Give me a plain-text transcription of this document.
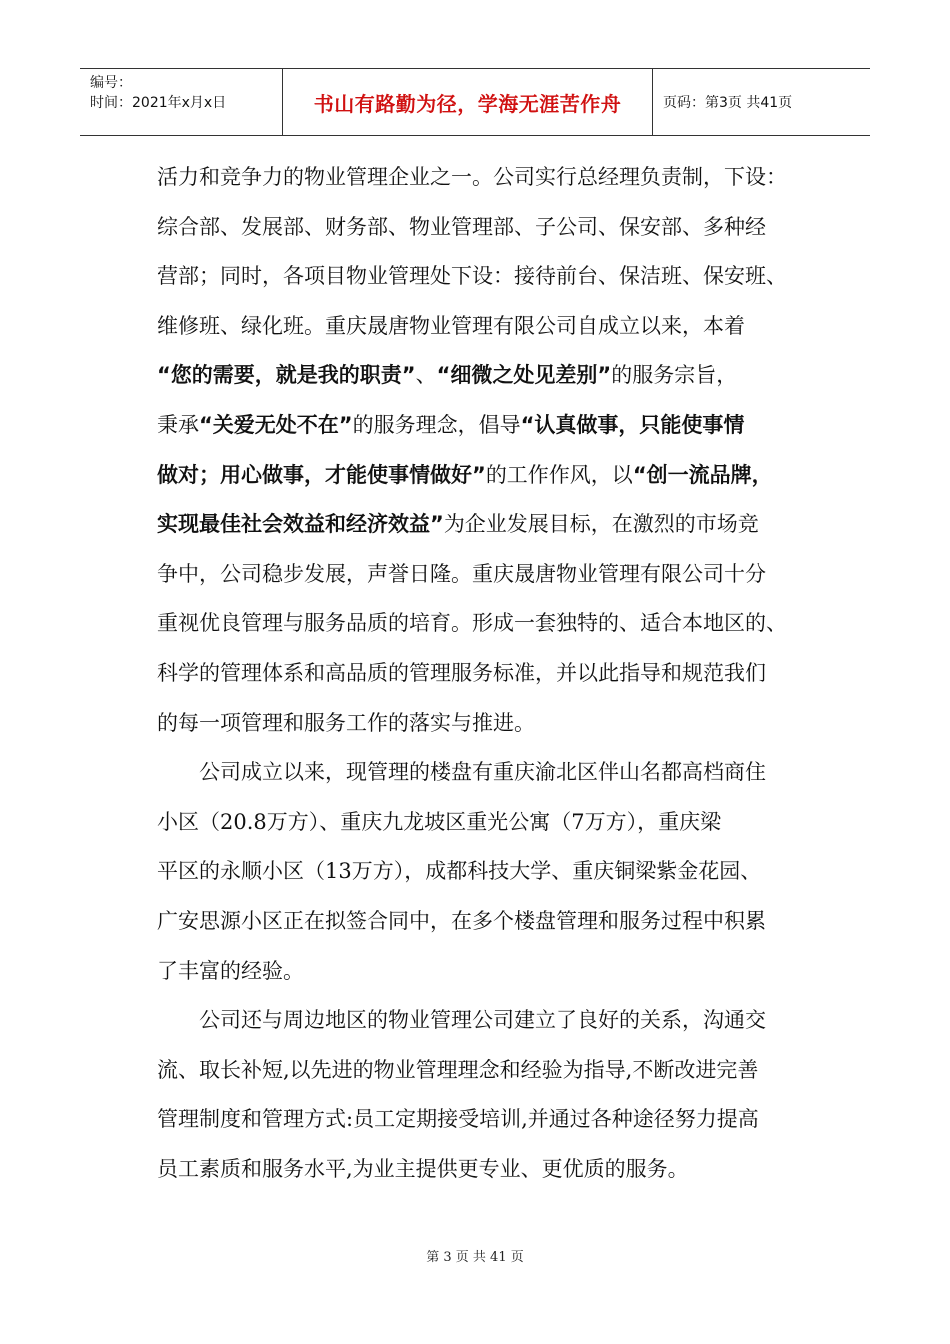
编号：
时间：2021年x月x日	书山有路勤为径，学海无涯苦作舟	页码：第3页 共41页

活力和竞争力的物业管理企业之一。公司实行总经理负责制，下设：

综合部、发展部、财务部、物业管理部、子公司、保安部、多种经

营部；同时，各项目物业管理处下设：接待前台、保洁班、保安班、

维修班、绿化班。重庆晟唐物业管理有限公司自成立以来，本着

“您的需要，就是我的职责”、“细微之处见差别”的服务宗旨，

秉承“关爱无处不在”的服务理念，倡导“认真做事，只能使事情

做对；用心做事，才能使事情做好”的工作作风，以“创一流品牌，

实现最佳社会效益和经济效益”为企业发展目标，在激烈的市场竞

争中，公司稳步发展，声誉日隆。重庆晟唐物业管理有限公司十分

重视优良管理与服务品质的培育。形成一套独特的、适合本地区的、

科学的管理体系和高品质的管理服务标准，并以此指导和规范我们

的每一项管理和服务工作的落实与推进。

公司成立以来，现管理的楼盘有重庆渝北区伴山名都高档商住

小区（20.8万方）、重庆九龙坡区重光公寓（7万方），重庆梁

平区的永顺小区（13万方），成都科技大学、重庆铜梁紫金花园、

广安思源小区正在拟签合同中，在多个楼盘管理和服务过程中积累

了丰富的经验。

公司还与周边地区的物业管理公司建立了良好的关系，沟通交

流、取长补短,以先进的物业管理理念和经验为指导,不断改进完善

管理制度和管理方式:员工定期接受培训,并通过各种途径努力提高

员工素质和服务水平,为业主提供更专业、更优质的服务。

第 3 页 共 41 页
